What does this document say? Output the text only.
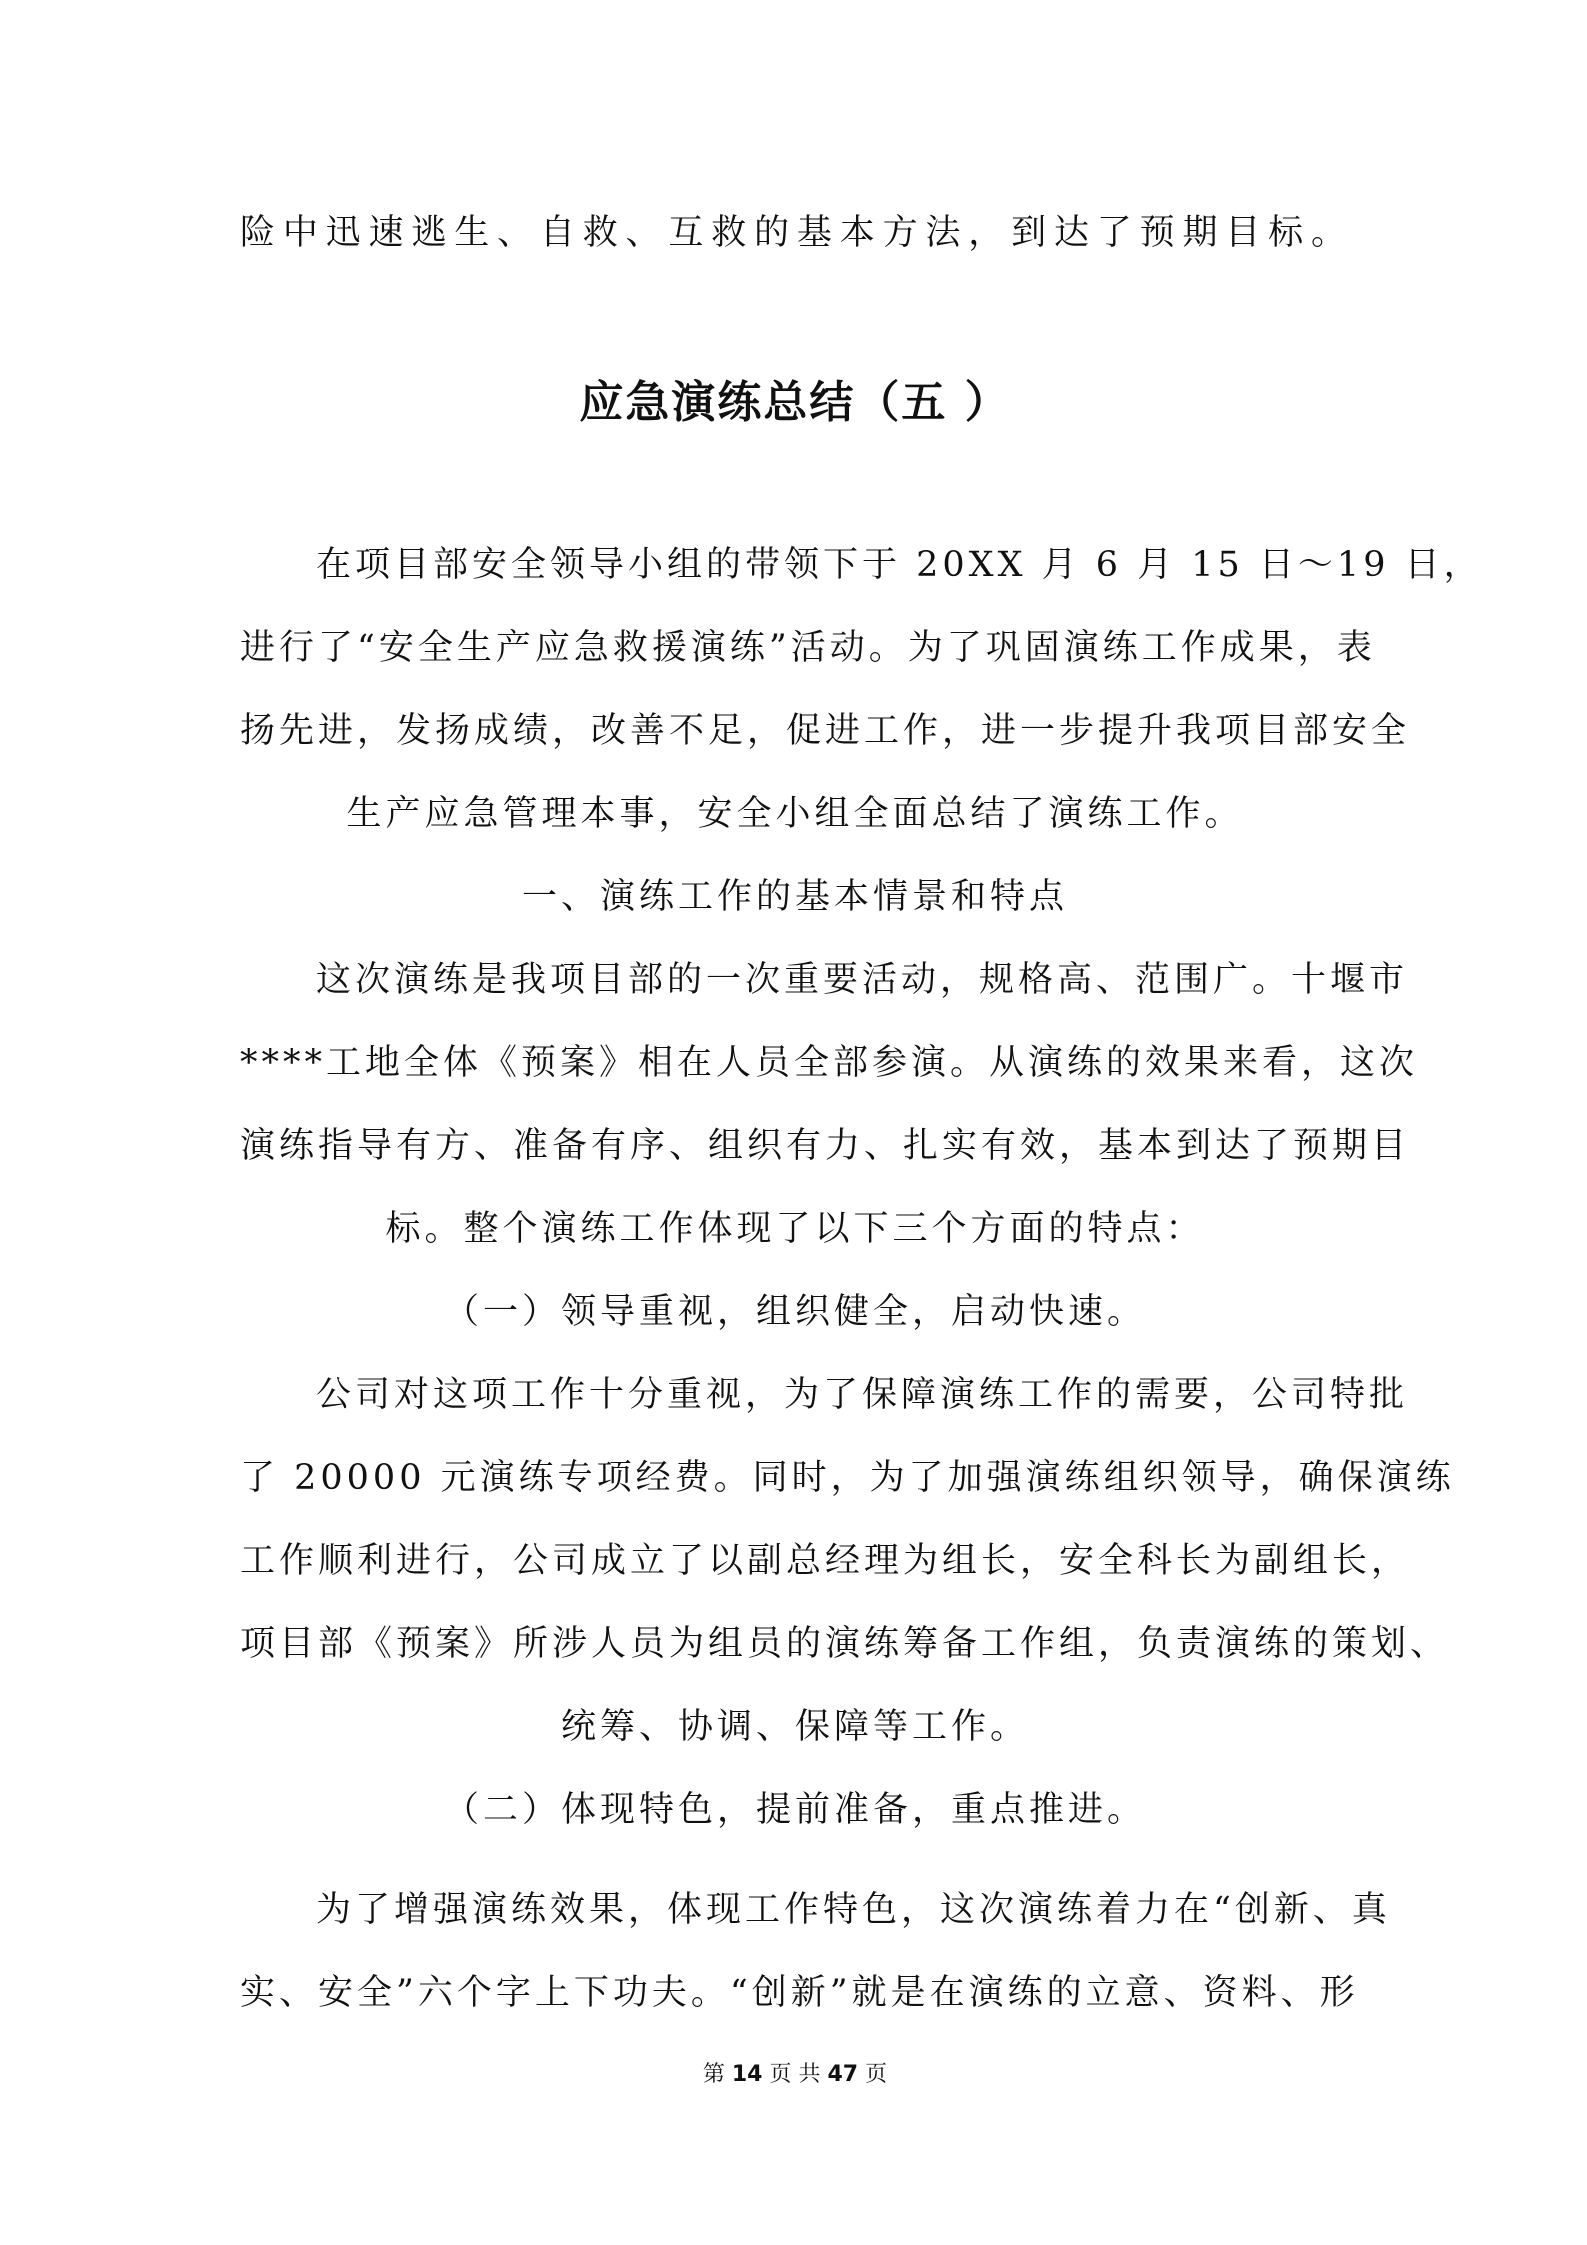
险中迅速逃生、自救、互救的基本方法，到达了预期目标。
应急演练总结（五 ）
在项目部安全领导小组的带领下于 20XX 月 6 月 15 日～19 日，
进行了“安全生产应急救援演练”活动。为了巩固演练工作成果，表
扬先进，发扬成绩，改善不足，促进工作，进一步提升我项目部安全
生产应急管理本事，安全小组全面总结了演练工作。
一、演练工作的基本情景和特点
这次演练是我项目部的一次重要活动，规格高、范围广。十堰市
****工地全体《预案》相在人员全部参演。从演练的效果来看，这次
演练指导有方、准备有序、组织有力、扎实有效，基本到达了预期目
标。整个演练工作体现了以下三个方面的特点：
（一）领导重视，组织健全，启动快速。
公司对这项工作十分重视，为了保障演练工作的需要，公司特批
了 20000 元演练专项经费。同时，为了加强演练组织领导，确保演练
工作顺利进行，公司成立了以副总经理为组长，安全科长为副组长，
项目部《预案》所涉人员为组员的演练筹备工作组，负责演练的策划、
统筹、协调、保障等工作。
（二）体现特色，提前准备，重点推进。
为了增强演练效果，体现工作特色，这次演练着力在“创新、真
实、安全”六个字上下功夫。“创新”就是在演练的立意、资料、形
第 14 页 共 47 页
